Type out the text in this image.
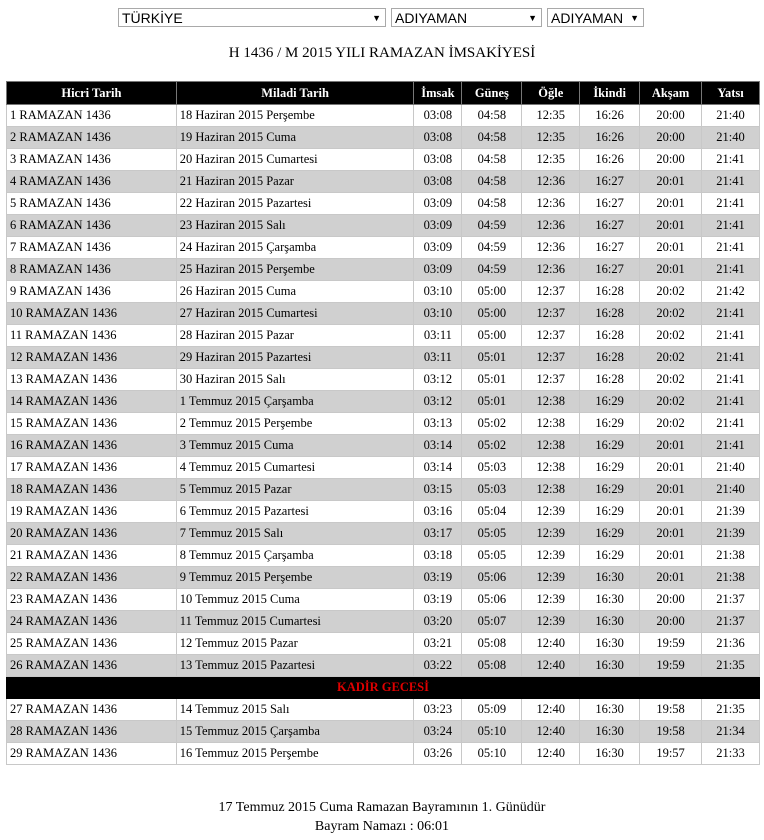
TÜRKİYE	▼ ADIYAMAN	▼ ADIYAMAN ▼
H 1436 / M 2015 YILI RAMAZAN İMSAKİYESİ
Hicri Tarih	Miladi Tarih	İmsak	Güneş	Öğle	İkindi	Akşam	Yatsı
1 RAMAZAN 1436	18 Haziran 2015 Perşembe	03:08	04:58	12:35	16:26	20:00	21:40
2 RAMAZAN 1436	19 Haziran 2015 Cuma	03:08	04:58	12:35	16:26	20:00	21:40
3 RAMAZAN 1436	20 Haziran 2015 Cumartesi	03:08	04:58	12:35	16:26	20:00	21:41
4 RAMAZAN 1436	21 Haziran 2015 Pazar	03:08	04:58	12:36	16:27	20:01	21:41
5 RAMAZAN 1436	22 Haziran 2015 Pazartesi	03:09	04:58	12:36	16:27	20:01	21:41
6 RAMAZAN 1436	23 Haziran 2015 Salı	03:09	04:59	12:36	16:27	20:01	21:41
7 RAMAZAN 1436	24 Haziran 2015 Çarşamba	03:09	04:59	12:36	16:27	20:01	21:41
8 RAMAZAN 1436	25 Haziran 2015 Perşembe	03:09	04:59	12:36	16:27	20:01	21:41
9 RAMAZAN 1436	26 Haziran 2015 Cuma	03:10	05:00	12:37	16:28	20:02	21:42
10 RAMAZAN 1436	27 Haziran 2015 Cumartesi	03:10	05:00	12:37	16:28	20:02	21:41
11 RAMAZAN 1436	28 Haziran 2015 Pazar	03:11	05:00	12:37	16:28	20:02	21:41
12 RAMAZAN 1436	29 Haziran 2015 Pazartesi	03:11	05:01	12:37	16:28	20:02	21:41
13 RAMAZAN 1436	30 Haziran 2015 Salı	03:12	05:01	12:37	16:28	20:02	21:41
14 RAMAZAN 1436	1 Temmuz 2015 Çarşamba	03:12	05:01	12:38	16:29	20:02	21:41
15 RAMAZAN 1436	2 Temmuz 2015 Perşembe	03:13	05:02	12:38	16:29	20:02	21:41
16 RAMAZAN 1436	3 Temmuz 2015 Cuma	03:14	05:02	12:38	16:29	20:01	21:41
17 RAMAZAN 1436	4 Temmuz 2015 Cumartesi	03:14	05:03	12:38	16:29	20:01	21:40
18 RAMAZAN 1436	5 Temmuz 2015 Pazar	03:15	05:03	12:38	16:29	20:01	21:40
19 RAMAZAN 1436	6 Temmuz 2015 Pazartesi	03:16	05:04	12:39	16:29	20:01	21:39
20 RAMAZAN 1436	7 Temmuz 2015 Salı	03:17	05:05	12:39	16:29	20:01	21:39
21 RAMAZAN 1436	8 Temmuz 2015 Çarşamba	03:18	05:05	12:39	16:29	20:01	21:38
22 RAMAZAN 1436	9 Temmuz 2015 Perşembe	03:19	05:06	12:39	16:30	20:01	21:38
23 RAMAZAN 1436	10 Temmuz 2015 Cuma	03:19	05:06	12:39	16:30	20:00	21:37
24 RAMAZAN 1436	11 Temmuz 2015 Cumartesi	03:20	05:07	12:39	16:30	20:00	21:37
25 RAMAZAN 1436	12 Temmuz 2015 Pazar	03:21	05:08	12:40	16:30	19:59	21:36
26 RAMAZAN 1436	13 Temmuz 2015 Pazartesi	03:22	05:08	12:40	16:30	19:59	21:35
KADİR GECESİ							
27 RAMAZAN 1436	14 Temmuz 2015 Salı	03:23	05:09	12:40	16:30	19:58	21:35
28 RAMAZAN 1436	15 Temmuz 2015 Çarşamba	03:24	05:10	12:40	16:30	19:58	21:34
29 RAMAZAN 1436	16 Temmuz 2015 Perşembe	03:26	05:10	12:40	16:30	19:57	21:33
17 Temmuz 2015 Cuma Ramazan Bayramının 1. Günüdür
Bayram Namazı : 06:01
